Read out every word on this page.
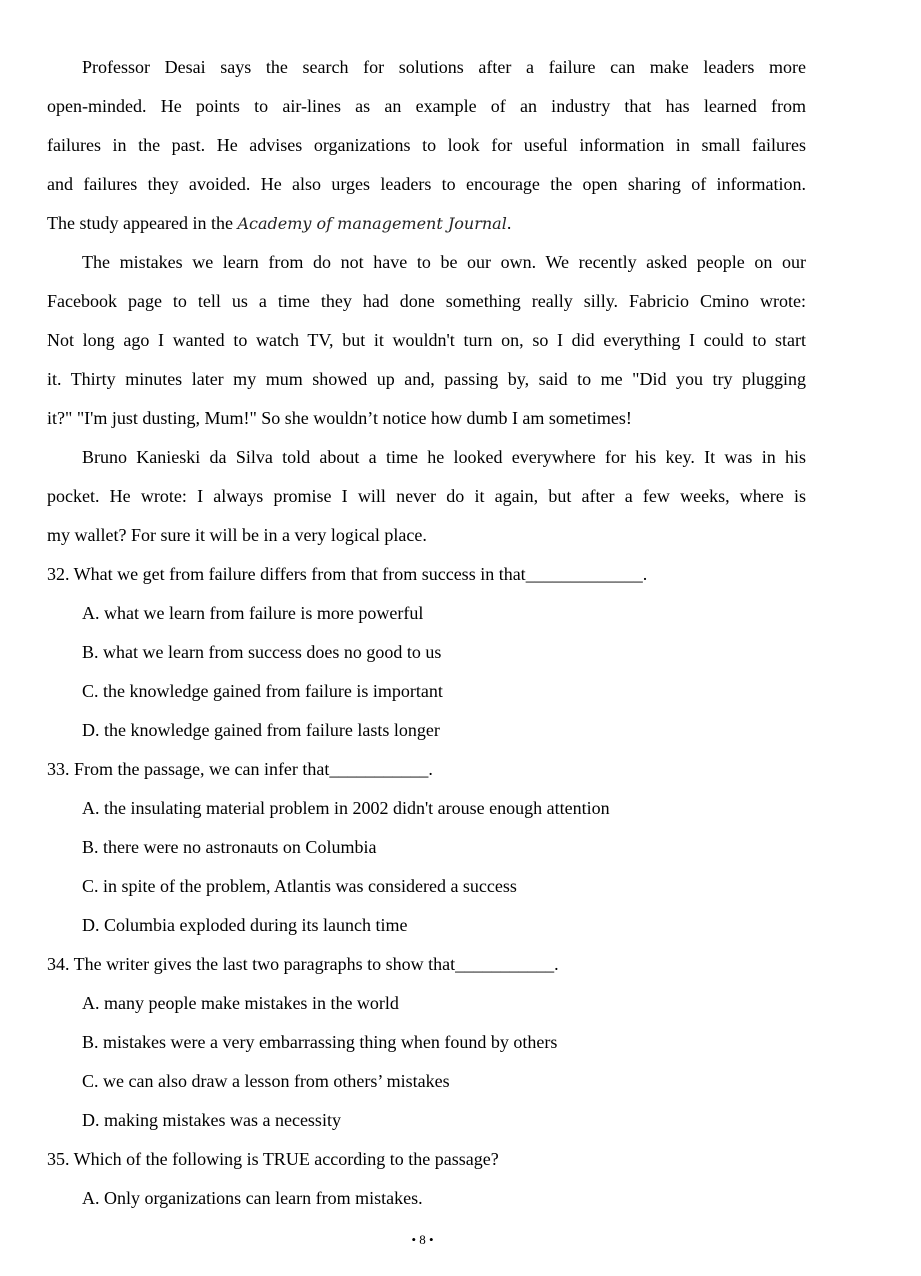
Professor Desai says the search for solutions after a failure can make leaders more
open-minded. He points to air-lines as an example of an industry that has learned from
failures in the past. He advises organizations to look for useful information in small failures
and failures they avoided. He also urges leaders to encourage the open sharing of information.
The study appeared in the Academy of management Journal.
The mistakes we learn from do not have to be our own. We recently asked people on our
Facebook page to tell us a time they had done something really silly. Fabricio Cmino wrote:
Not long ago I wanted to watch TV, but it wouldn't turn on, so I did everything I could to start
it. Thirty minutes later my mum showed up and, passing by, said to me "Did you try plugging
it?" "I'm just dusting, Mum!" So she wouldn’t notice how dumb I am sometimes!
Bruno Kanieski da Silva told about a time he looked everywhere for his key. It was in his
pocket. He wrote: I always promise I will never do it again, but after a few weeks, where is
my wallet? For sure it will be in a very logical place.
32. What we get from failure differs from that from success in that_____________.
A. what we learn from failure is more powerful
B. what we learn from success does no good to us
C. the knowledge gained from failure is important
D. the knowledge gained from failure lasts longer
33. From the passage, we can infer that___________.
A. the insulating material problem in 2002 didn't arouse enough attention
B. there were no astronauts on Columbia
C. in spite of the problem, Atlantis was considered a success
D. Columbia exploded during its launch time
34. The writer gives the last two paragraphs to show that___________.
A. many people make mistakes in the world
B. mistakes were a very embarrassing thing when found by others
C. we can also draw a lesson from others’ mistakes
D. making mistakes was a necessity
35. Which of the following is TRUE according to the passage?
A. Only organizations can learn from mistakes.
• 8 •
